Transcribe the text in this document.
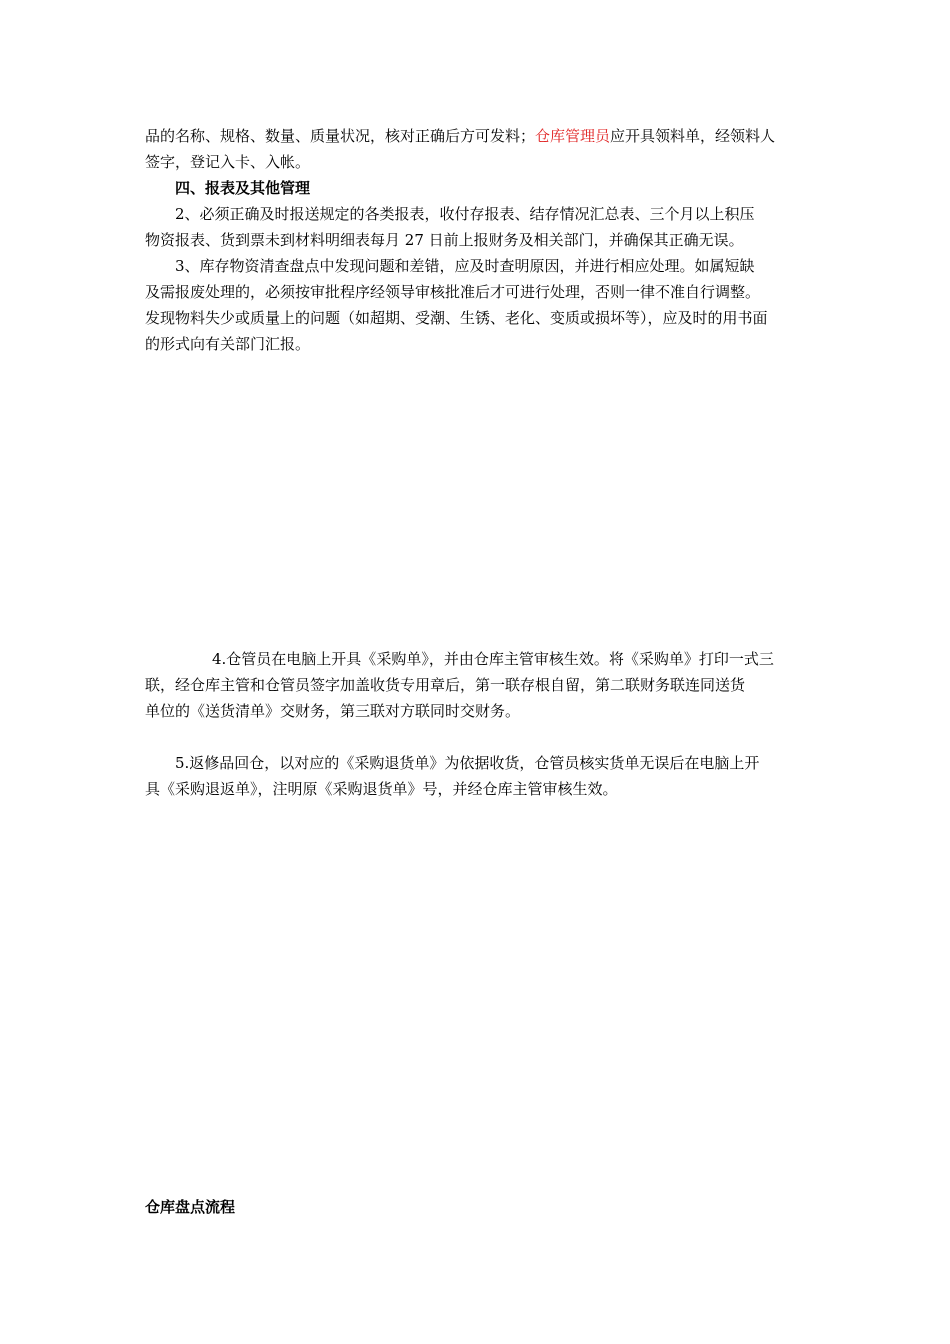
品的名称、规格、数量、质量状况，核对正确后方可发料；仓库管理员应开具领料单，经领料人
签字，登记入卡、入帐。
四、报表及其他管理
2、必须正确及时报送规定的各类报表，收付存报表、结存情况汇总表、三个月以上积压
物资报表、货到票未到材料明细表每月 27 日前上报财务及相关部门，并确保其正确无误。
3、库存物资清查盘点中发现问题和差错，应及时查明原因，并进行相应处理。如属短缺
及需报废处理的，必须按审批程序经领导审核批准后才可进行处理，否则一律不准自行调整。
发现物料失少或质量上的问题（如超期、受潮、生锈、老化、变质或损坏等），应及时的用书面
的形式向有关部门汇报。
4.仓管员在电脑上开具《采购单》，并由仓库主管审核生效。将《采购单》打印一式三
联，经仓库主管和仓管员签字加盖收货专用章后，第一联存根自留，第二联财务联连同送货
单位的《送货清单》交财务，第三联对方联同时交财务。
5.返修品回仓，以对应的《采购退货单》为依据收货，仓管员核实货单无误后在电脑上开
具《采购退返单》，注明原《采购退货单》号，并经仓库主管审核生效。
仓库盘点流程
